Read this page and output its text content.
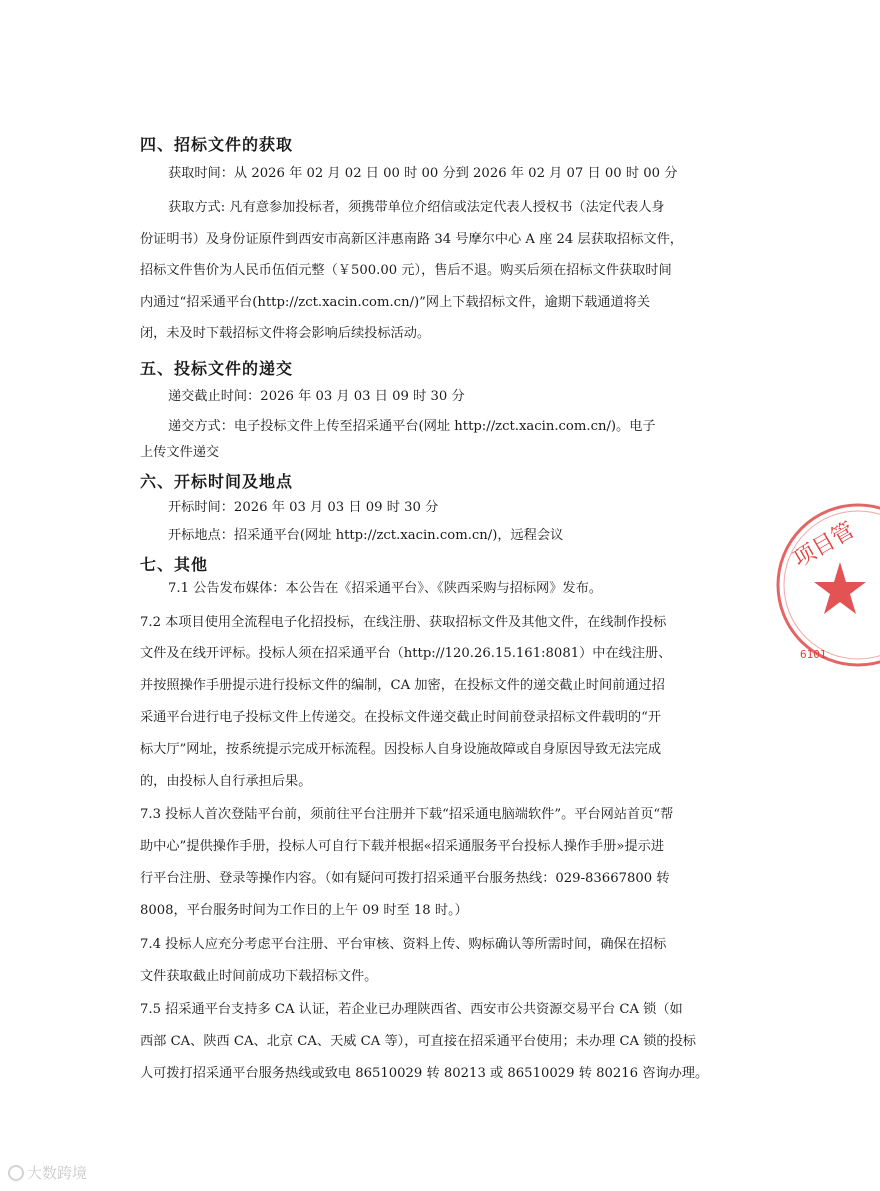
四、招标文件的获取
获取时间：从 2026 年 02 月 02 日 00 时 00 分到 2026 年 02 月 07 日 00 时 00 分
获取方式: 凡有意参加投标者，须携带单位介绍信或法定代表人授权书（法定代表人身
份证明书）及身份证原件到西安市高新区沣惠南路 34 号摩尔中心 A 座 24 层获取招标文件，
招标文件售价为人民币伍佰元整（￥500.00 元），售后不退。购买后须在招标文件获取时间
内通过“招采通平台(http://zct.xacin.com.cn/)”网上下载招标文件，逾期下载通道将关
闭，未及时下载招标文件将会影响后续投标活动。
五、投标文件的递交
递交截止时间：2026 年 03 月 03 日 09 时 30 分
递交方式：电子投标文件上传至招采通平台(网址 http://zct.xacin.com.cn/)。电子
上传文件递交
六、开标时间及地点
开标时间：2026 年 03 月 03 日 09 时 30 分
开标地点：招采通平台(网址 http://zct.xacin.com.cn/)，远程会议
七、其他
7.1 公告发布媒体：本公告在《招采通平台》、《陕西采购与招标网》发布。
7.2 本项目使用全流程电子化招投标，在线注册、获取招标文件及其他文件，在线制作投标
文件及在线开评标。投标人须在招采通平台（http://120.26.15.161:8081）中在线注册、
并按照操作手册提示进行投标文件的编制，CA 加密，在投标文件的递交截止时间前通过招
采通平台进行电子投标文件上传递交。在投标文件递交截止时间前登录招标文件载明的“开
标大厅”网址，按系统提示完成开标流程。因投标人自身设施故障或自身原因导致无法完成
的，由投标人自行承担后果。
7.3 投标人首次登陆平台前，须前往平台注册并下载“招采通电脑端软件”。平台网站首页“帮
助中心”提供操作手册，投标人可自行下载并根据«招采通服务平台投标人操作手册»提示进
行平台注册、登录等操作内容。（如有疑问可拨打招采通平台服务热线：029-83667800 转
8008，平台服务时间为工作日的上午 09 时至 18 时。）
7.4 投标人应充分考虑平台注册、平台审核、资料上传、购标确认等所需时间，确保在招标
文件获取截止时间前成功下载招标文件。
7.5 招采通平台支持多 CA 认证，若企业已办理陕西省、西安市公共资源交易平台 CA 锁（如
西部 CA、陕西 CA、北京 CA、天威 CA 等），可直接在招采通平台使用；未办理 CA 锁的投标
人可拨打招采通平台服务热线或致电 86510029 转 80213 或 86510029 转 80216 咨询办理。
项目管
6101
大数跨境
